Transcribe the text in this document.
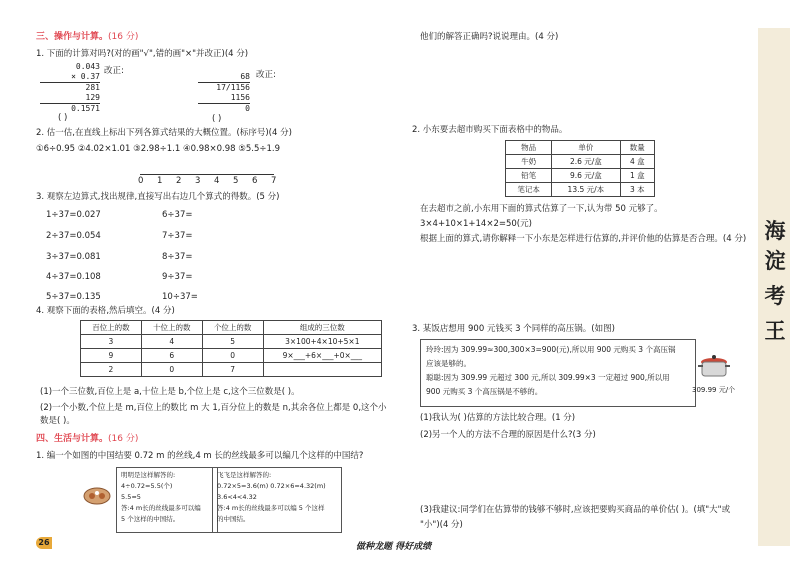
三、操作与计算。(16 分)
1. 下面的计算对吗?(对的画"√",错的画"×"并改正)(4 分)
0.043
× 0.37
281
129
0.1571
改正:
( )
68
17/1156
1156
0
改正:
( )
2. 估一估,在直线上标出下列各算式结果的大概位置。(标序号)(4 分)
①6÷0.95 ②4.02×1.01 ③2.98÷1.1 ④0.98×0.98 ⑤5.5÷1.9
0 1 2 3 4 5 6 7
3. 观察左边算式,找出规律,直接写出右边几个算式的得数。(5 分)
1÷37=0.027
2÷37=0.054
3÷37=0.081
4÷37=0.108
5÷37=0.135
6÷37=
7÷37=
8÷37=
9÷37=
10÷37=
4. 观察下面的表格,然后填空。(4 分)
百位上的数	十位上的数	个位上的数	组成的三位数
3	4	5	3×100+4×10+5×1
9	6	0	9×___+6×___+0×___
2	0	7	
(1)一个三位数,百位上是 a,十位上是 b,个位上是 c,这个三位数是( )。
(2)一个小数,个位上是 m,百位上的数比 m 大 1,百分位上的数是 n,其余各位上都是 0,这个小
数是( )。
四、生活与计算。(16 分)
1. 编一个如图的中国结要 0.72 m 的丝线,4 m 长的丝线最多可以编几个这样的中国结?
明明是这样解答的:
4÷0.72=5.5(个)
5.5≈5
答:4 m长的丝线最多可以编
5 个这样的中国结。
飞飞是这样解答的:
0.72×5=3.6(m) 0.72×6=4.32(m)
3.6<4<4.32
答:4 m长的丝线最多可以编 5 个这样
的中国结。
26	做种龙题 得好成绩
他们的解答正确吗?说说理由。(4 分)
2. 小东要去超市购买下面表格中的物品。
物品	单价	数量
牛奶	2.6 元/盒	4 盒
铅笔	9.6 元/盒	1 盒
笔记本	13.5 元/本	3 本
在去超市之前,小东用下面的算式估算了一下,认为带 50 元够了。
3×4+10×1+14×2=50(元)
根据上面的算式,请你解释一下小东是怎样进行估算的,并评价他的估算是否合理。(4 分)
3. 某饭店想用 900 元钱买 3 个同样的高压锅。(如图)
玲玲:因为 309.99≈300,300×3=900(元),所以用 900 元购买 3 个高压锅
应该是够的。
聪聪:因为 309.99 元超过 300 元,所以 309.99×3 一定超过 900,所以用
900 元购买 3 个高压锅是不够的。	309.99 元/个
(1)我认为( )估算的方法比较合理。(1 分)
(2)另一个人的方法不合理的原因是什么?(3 分)
(3)我建议:同学们在估算带的钱够不够时,应该把要购买商品的单价估( )。(填"大"或
"小")(4 分)
海
淀
考
王
